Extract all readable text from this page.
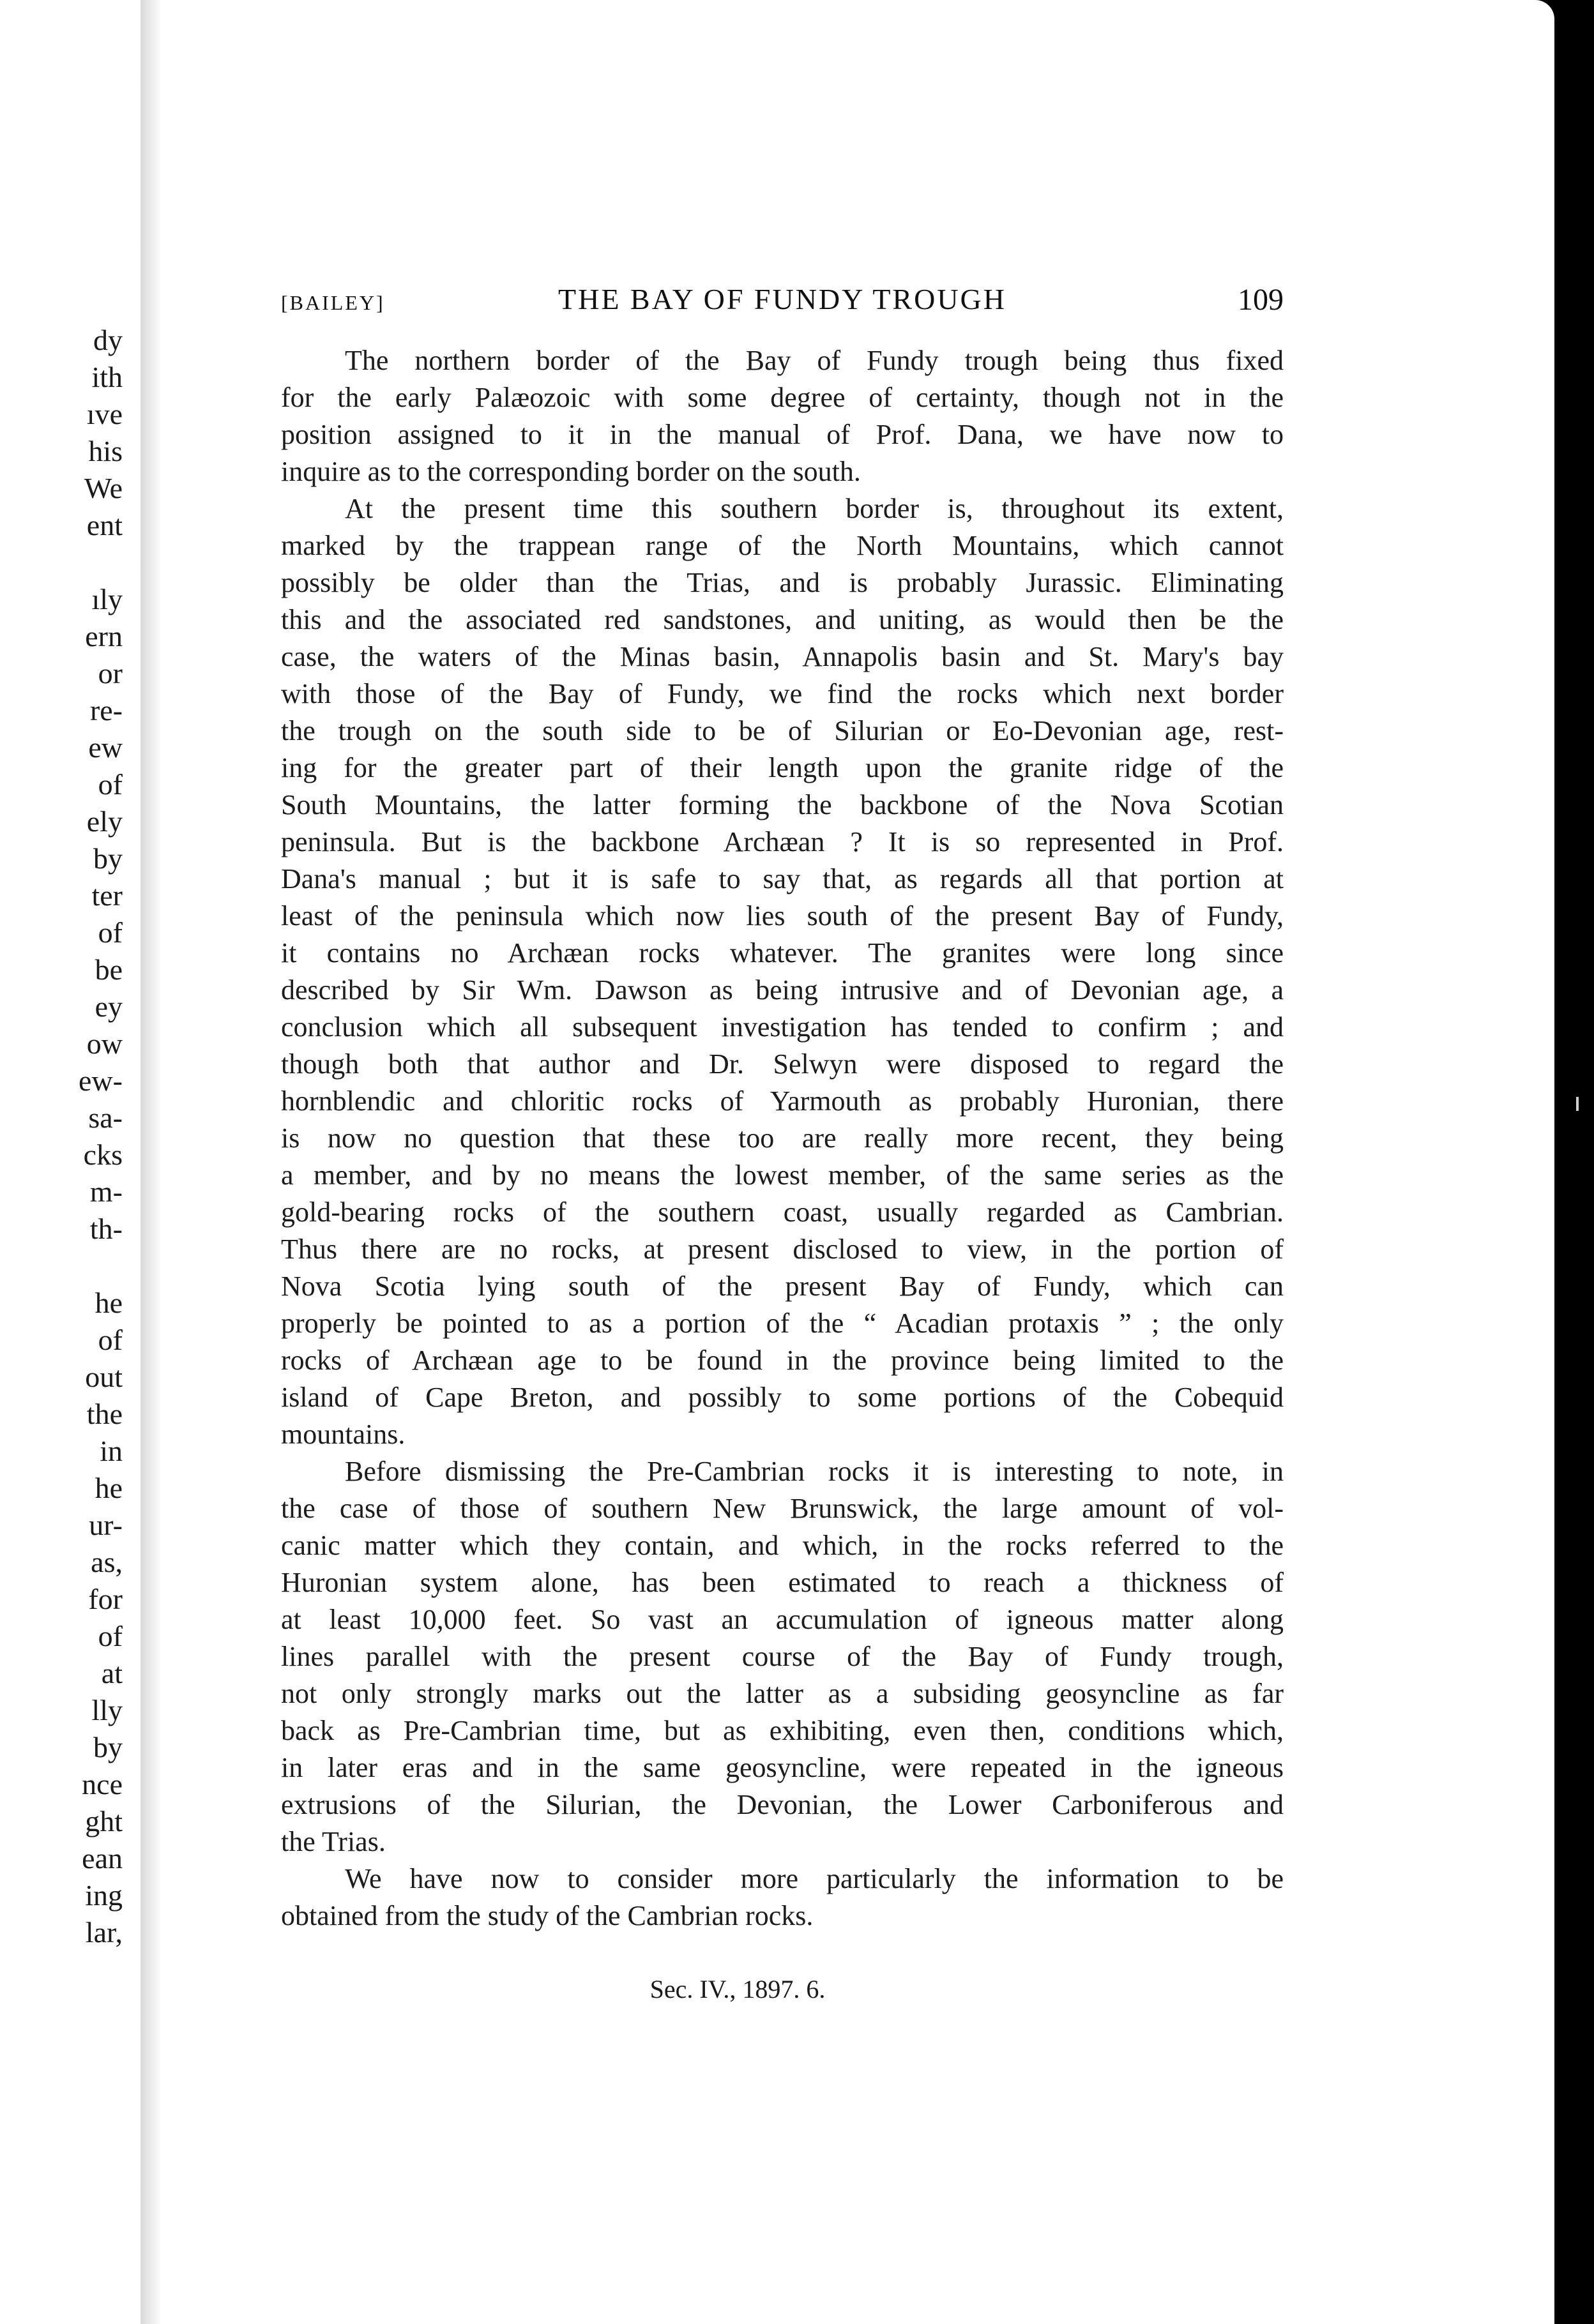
dy
ith
ıve
his
We
ent
ıly
ern
or
re-
ew
of
ely
by
ter
of
be
ey
ow
ew-
sa-
cks
m-
th-
he
of
out
the
in
he
ur-
as,
for
of
at
lly
by
nce
ght
ean
ing
lar,
[BAILEY]	THE BAY OF FUNDY TROUGH	109
The northern border of the Bay of Fundy trough being thus fixed
for the early Palæozoic with some degree of certainty, though not in the
position assigned to it in the manual of Prof. Dana, we have now to
inquire as to the corresponding border on the south.
At the present time this southern border is, throughout its extent,
marked by the trappean range of the North Mountains, which cannot
possibly be older than the Trias, and is probably Jurassic. Eliminating
this and the associated red sandstones, and uniting, as would then be the
case, the waters of the Minas basin, Annapolis basin and St. Mary's bay
with those of the Bay of Fundy, we find the rocks which next border
the trough on the south side to be of Silurian or Eo-Devonian age, rest-
ing for the greater part of their length upon the granite ridge of the
South Mountains, the latter forming the backbone of the Nova Scotian
peninsula. But is the backbone Archæan ? It is so represented in Prof.
Dana's manual ; but it is safe to say that, as regards all that portion at
least of the peninsula which now lies south of the present Bay of Fundy,
it contains no Archæan rocks whatever. The granites were long since
described by Sir Wm. Dawson as being intrusive and of Devonian age, a
conclusion which all subsequent investigation has tended to confirm ; and
though both that author and Dr. Selwyn were disposed to regard the
hornblendic and chloritic rocks of Yarmouth as probably Huronian, there
is now no question that these too are really more recent, they being
a member, and by no means the lowest member, of the same series as the
gold-bearing rocks of the southern coast, usually regarded as Cambrian.
Thus there are no rocks, at present disclosed to view, in the portion of
Nova Scotia lying south of the present Bay of Fundy, which can
properly be pointed to as a portion of the “ Acadian protaxis ” ; the only
rocks of Archæan age to be found in the province being limited to the
island of Cape Breton, and possibly to some portions of the Cobequid
mountains.
Before dismissing the Pre-Cambrian rocks it is interesting to note, in
the case of those of southern New Brunswick, the large amount of vol-
canic matter which they contain, and which, in the rocks referred to the
Huronian system alone, has been estimated to reach a thickness of
at least 10,000 feet. So vast an accumulation of igneous matter along
lines parallel with the present course of the Bay of Fundy trough,
not only strongly marks out the latter as a subsiding geosyncline as far
back as Pre-Cambrian time, but as exhibiting, even then, conditions which,
in later eras and in the same geosyncline, were repeated in the igneous
extrusions of the Silurian, the Devonian, the Lower Carboniferous and
the Trias.
We have now to consider more particularly the information to be
obtained from the study of the Cambrian rocks.
Sec. IV., 1897. 6.
